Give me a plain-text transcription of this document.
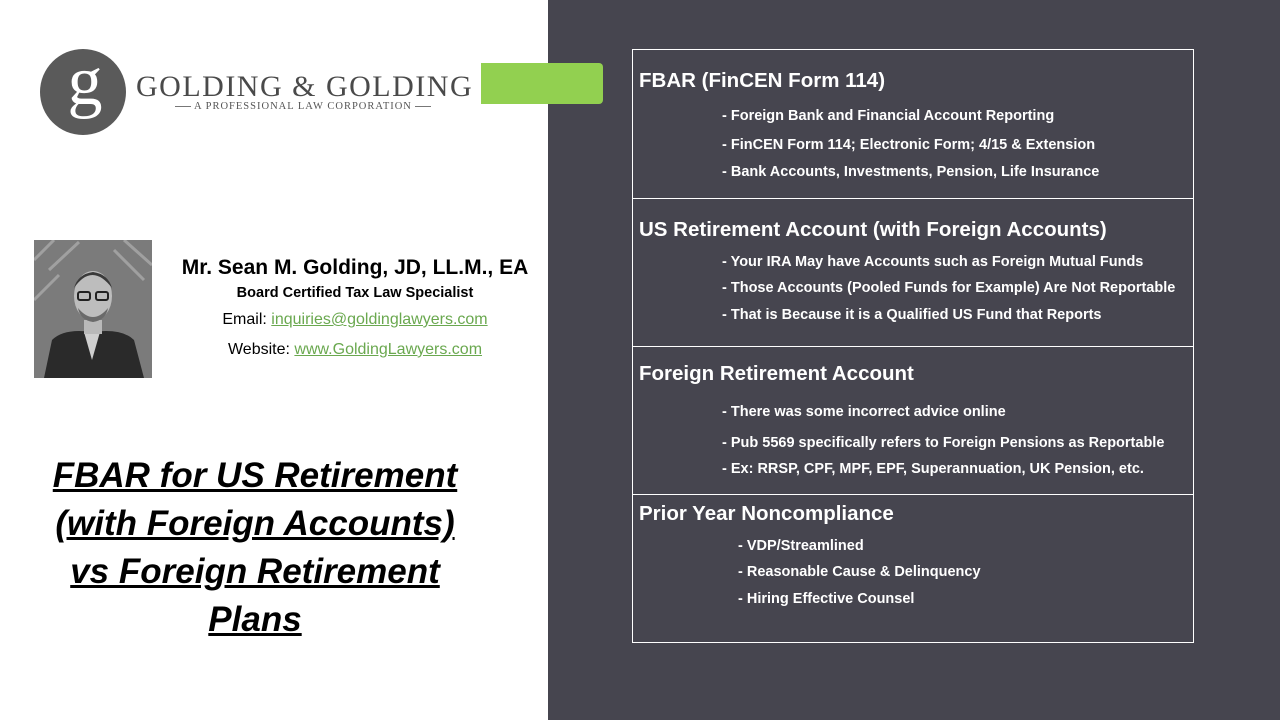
g GOLDING & GOLDING
A PROFESSIONAL LAW CORPORATION
Mr. Sean M. Golding, JD, LL.M., EA
Board Certified Tax Law Specialist
Email: inquiries@goldinglawyers.com
Website: www.GoldingLawyers.com
FBAR for US Retirement
(with Foreign Accounts)
vs Foreign Retirement
Plans
FBAR (FinCEN Form 114)
- Foreign Bank and Financial Account Reporting
- FinCEN Form 114; Electronic Form; 4/15 & Extension
- Bank Accounts, Investments, Pension, Life Insurance
US Retirement Account (with Foreign Accounts)
- Your IRA May have Accounts such as Foreign Mutual Funds
- Those Accounts (Pooled Funds for Example) Are Not Reportable
- That is Because it is a Qualified US Fund that Reports
Foreign Retirement Account
- There was some incorrect advice online
- Pub 5569 specifically refers to Foreign Pensions as Reportable
- Ex: RRSP, CPF, MPF, EPF, Superannuation, UK Pension, etc.
Prior Year Noncompliance
- VDP/Streamlined
- Reasonable Cause & Delinquency
- Hiring Effective Counsel
